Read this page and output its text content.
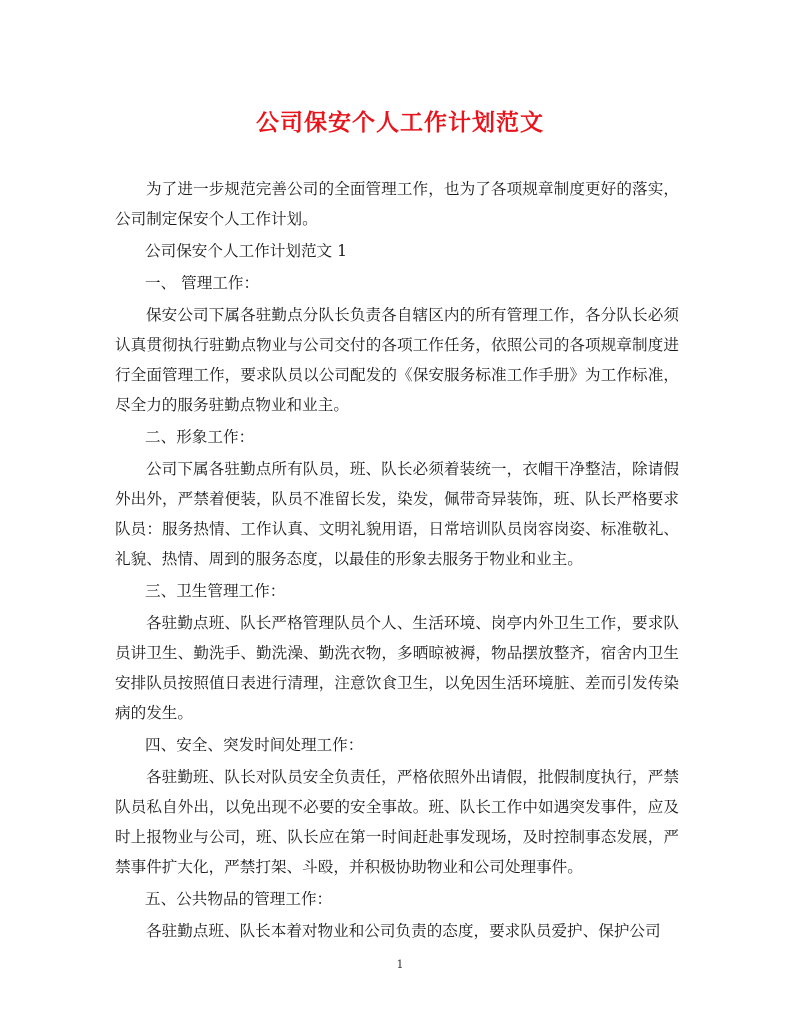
公司保安个人工作计划范文

为了进一步规范完善公司的全面管理工作，也为了各项规章制度更好的落实，公司制定保安个人工作计划。

公司保安个人工作计划范文 1

一、 管理工作：

保安公司下属各驻勤点分队长负责各自辖区内的所有管理工作，各分队长必须认真贯彻执行驻勤点物业与公司交付的各项工作任务，依照公司的各项规章制度进行全面管理工作，要求队员以公司配发的《保安服务标准工作手册》为工作标准，尽全力的服务驻勤点物业和业主。

二、形象工作：

公司下属各驻勤点所有队员，班、队长必须着装统一，衣帽干净整洁，除请假外出外，严禁着便装，队员不准留长发，染发，佩带奇异装饰，班、队长严格要求队员：服务热情、工作认真、文明礼貌用语，日常培训队员岗容岗姿、标准敬礼、礼貌、热情、周到的服务态度，以最佳的形象去服务于物业和业主。

三、卫生管理工作：

各驻勤点班、队长严格管理队员个人、生活环境、岗亭内外卫生工作，要求队员讲卫生、勤洗手、勤洗澡、勤洗衣物，多晒晾被褥，物品摆放整齐，宿舍内卫生安排队员按照值日表进行清理，注意饮食卫生，以免因生活环境脏、差而引发传染病的发生。

四、安全、突发时间处理工作：

各驻勤班、队长对队员安全负责任，严格依照外出请假，批假制度执行，严禁队员私自外出，以免出现不必要的安全事故。班、队长工作中如遇突发事件，应及时上报物业与公司，班、队长应在第一时间赶赴事发现场，及时控制事态发展，严禁事件扩大化，严禁打架、斗殴，并积极协助物业和公司处理事件。

五、公共物品的管理工作：

各驻勤点班、队长本着对物业和公司负责的态度，要求队员爱护、保护公司

1
